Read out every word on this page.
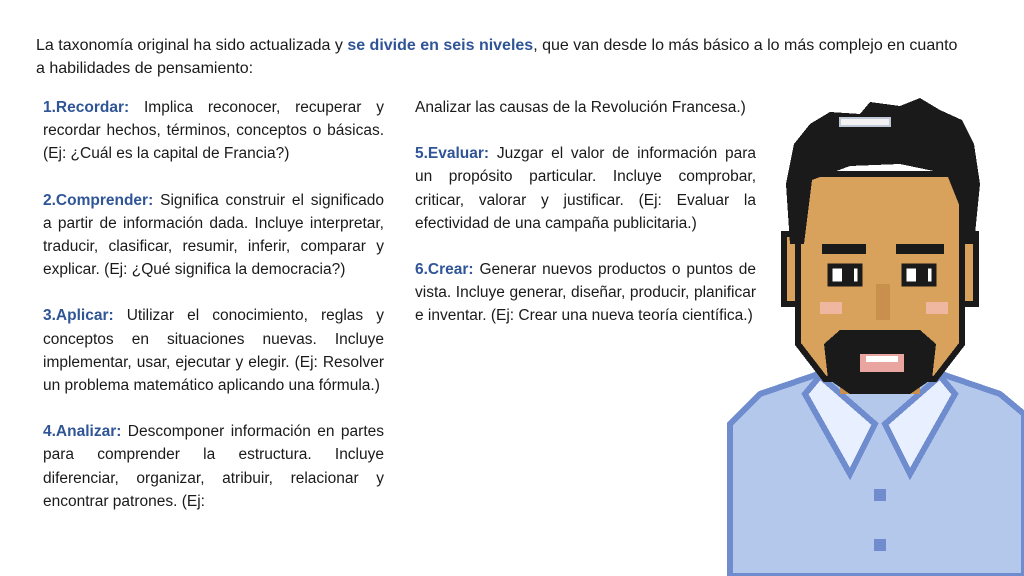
La taxonomía original ha sido actualizada y se divide en seis niveles, que van desde lo más básico a lo más complejo en cuanto a habilidades de pensamiento:

1.Recordar: Implica reconocer, recuperar y recordar hechos, términos, conceptos o básicas. (Ej: ¿Cuál es la capital de Francia?)

2.Comprender: Significa construir el significado a partir de información dada. Incluye interpretar, traducir, clasificar, resumir, inferir, comparar y explicar. (Ej: ¿Qué significa la democracia?)

3.Aplicar: Utilizar el conocimiento, reglas y conceptos en situaciones nuevas. Incluye implementar, usar, ejecutar y elegir. (Ej: Resolver un problema matemático aplicando una fórmula.)

4.Analizar: Descomponer información en partes para comprender la estructura. Incluye diferenciar, organizar, atribuir, relacionar y encontrar patrones. (Ej:

Analizar las causas de la Revolución Francesa.)

5.Evaluar: Juzgar el valor de información para un propósito particular. Incluye comprobar, criticar, valorar y justificar. (Ej: Evaluar la efectividad de una campaña publicitaria.)

6.Crear: Generar nuevos productos o puntos de vista. Incluye generar, diseñar, producir, planificar e inventar. (Ej: Crear una nueva teoría científica.)
